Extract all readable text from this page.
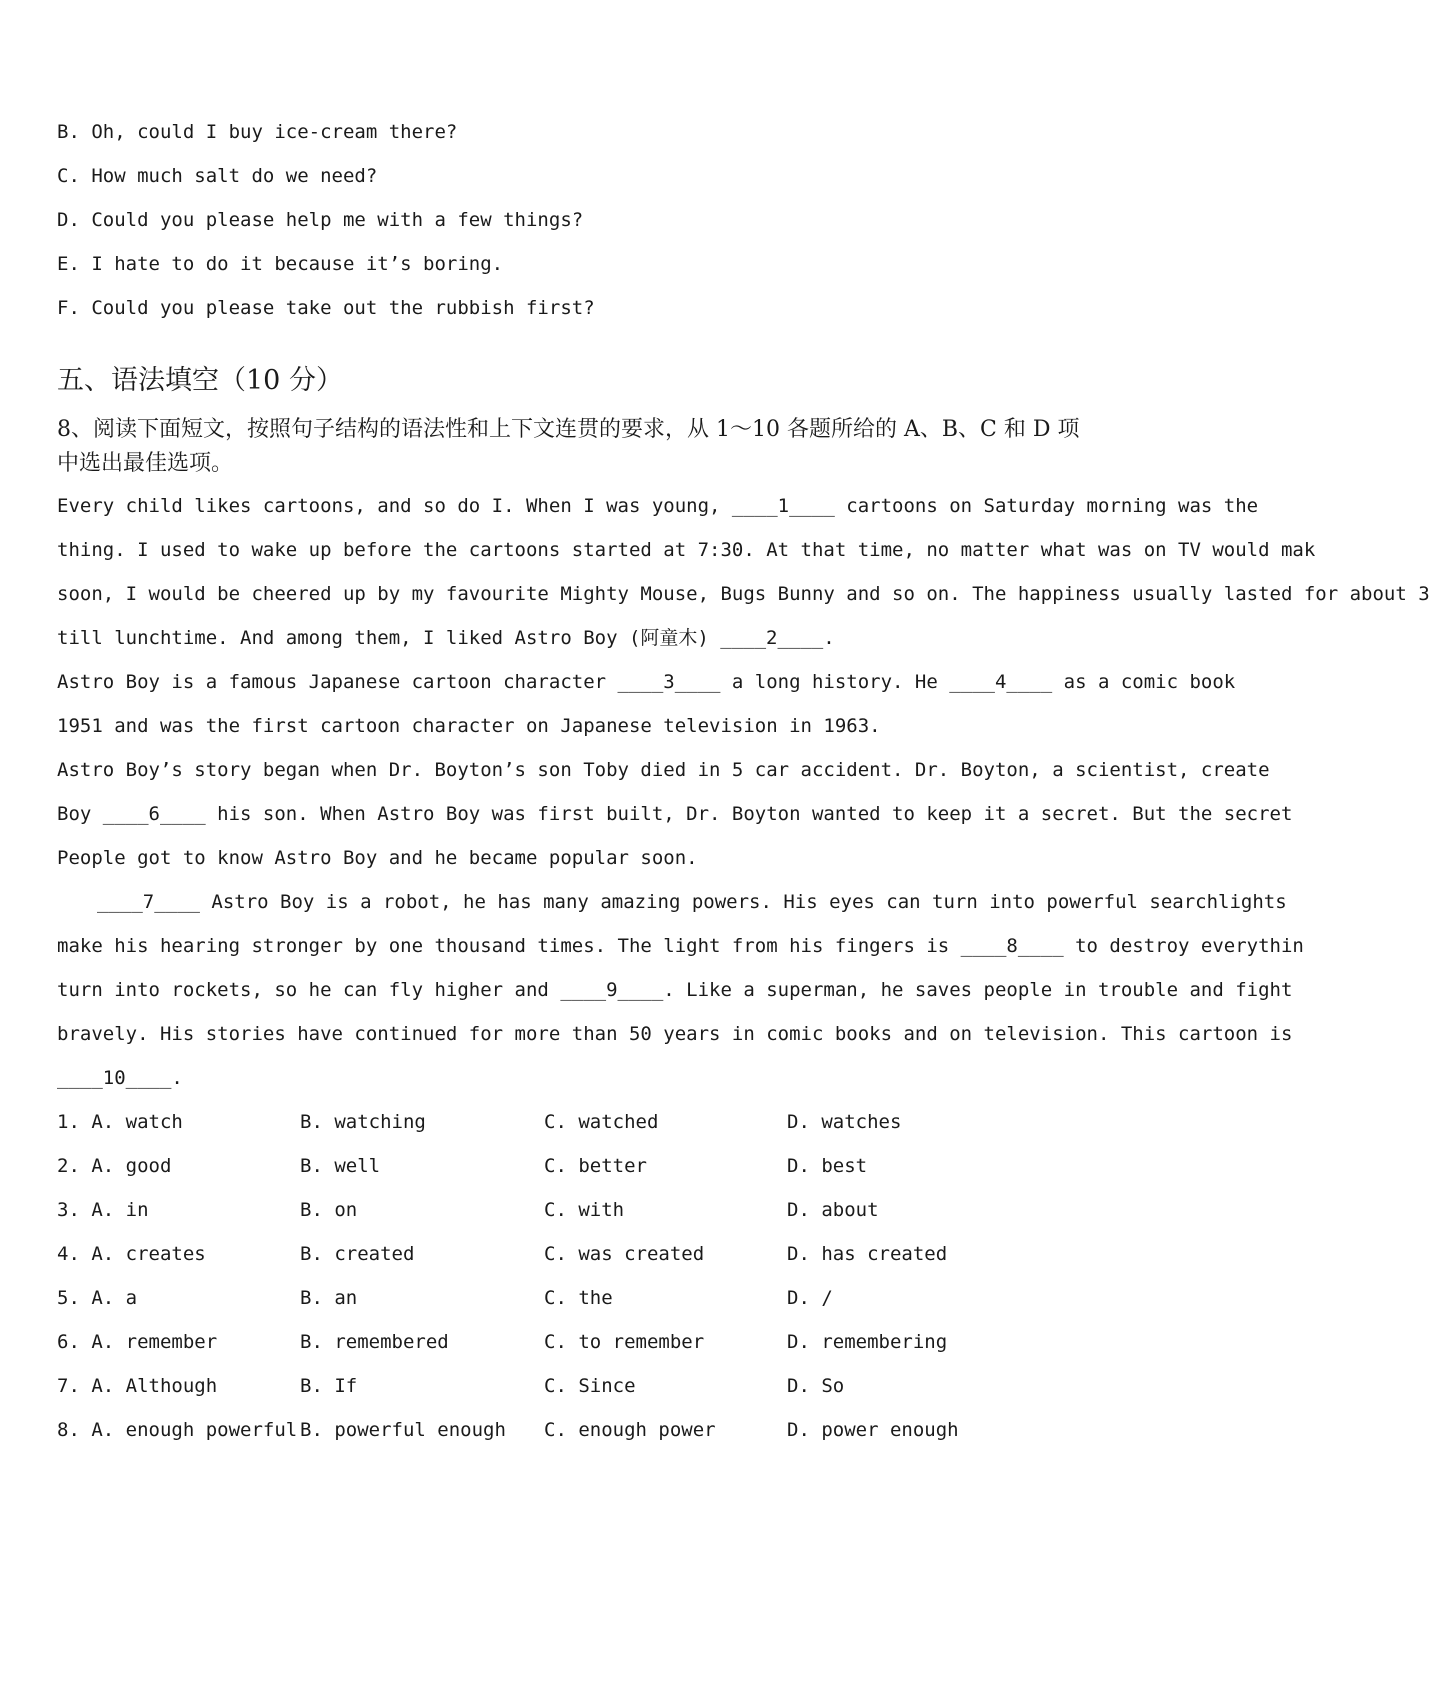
B. Oh, could I buy ice-cream there?
C. How much salt do we need?
D. Could you please help me with a few things?
E. I hate to do it because it’s boring.
F. Could you please take out the rubbish first?
五、语法填空（10 分）
8、阅读下面短文，按照句子结构的语法性和上下文连贯的要求，从 1～10 各题所给的 A、B、C 和 D 项
中选出最佳选项。
Every child likes cartoons, and so do I. When I was young, ____1____ cartoons on Saturday morning was the
thing. I used to wake up before the cartoons started at 7:30. At that time, no matter what was on TV would mak
soon, I would be cheered up by my favourite Mighty Mouse, Bugs Bunny and so on. The happiness usually lasted for about 3
till lunchtime. And among them, I liked Astro Boy (阿童木) ____2____.
Astro Boy is a famous Japanese cartoon character ____3____ a long history. He ____4____ as a comic book
1951 and was the first cartoon character on Japanese television in 1963.
Astro Boy’s story began when Dr. Boyton’s son Toby died in 5 car accident. Dr. Boyton, a scientist, create
Boy ____6____ his son. When Astro Boy was first built, Dr. Boyton wanted to keep it a secret. But the secret
People got to know Astro Boy and he became popular soon.
____7____ Astro Boy is a robot, he has many amazing powers. His eyes can turn into powerful searchlights
make his hearing stronger by one thousand times. The light from his fingers is ____8____ to destroy everythin
turn into rockets, so he can fly higher and ____9____. Like a superman, he saves people in trouble and fight
bravely. His stories have continued for more than 50 years in comic books and on television. This cartoon is
____10____.
1. A. watch	B. watching	C. watched	D. watches
2. A. good	B. well	C. better	D. best
3. A. in	B. on	C. with	D. about
4. A. creates	B. created	C. was created	D. has created
5. A. a	B. an	C. the	D. /
6. A. remember	B. remembered	C. to remember	D. remembering
7. A. Although	B. If	C. Since	D. So
8. A. enough powerful B. powerful enough C. enough power	D. power enough
